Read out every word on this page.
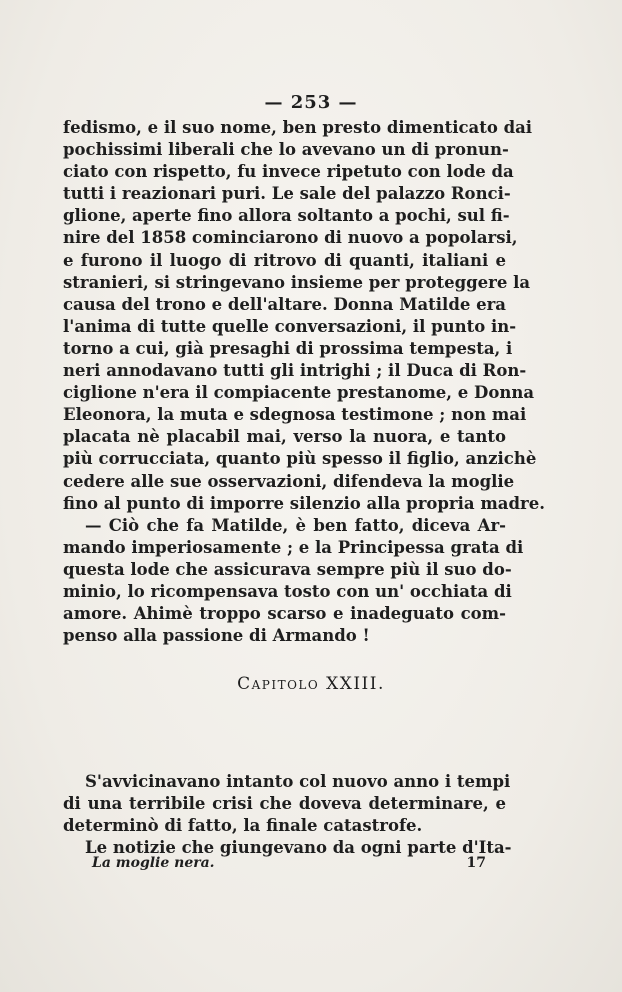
— 253 —
fedismo, e il suo nome, ben presto dimenticato dai
pochissimi liberali che lo avevano un di pronun-
ciato con rispetto, fu invece ripetuto con lode da
tutti i reazionari puri. Le sale del palazzo Ronci-
glione, aperte fino allora soltanto a pochi, sul fi-
nire del 1858 cominciarono di nuovo a popolarsi,
e furono il luogo di ritrovo di quanti, italiani e
stranieri, si stringevano insieme per proteggere la
causa del trono e dell'altare. Donna Matilde era
l'anima di tutte quelle conversazioni, il punto in-
torno a cui, già presaghi di prossima tempesta, i
neri annodavano tutti gli intrighi ; il Duca di Ron-
ciglione n'era il compiacente prestanome, e Donna
Eleonora, la muta e sdegnosa testimone ; non mai
placata nè placabil mai, verso la nuora, e tanto
più corrucciata, quanto più spesso il figlio, anzichè
cedere alle sue osservazioni, difendeva la moglie
fino al punto di imporre silenzio alla propria madre.
— Ciò che fa Matilde, è ben fatto, diceva Ar-
mando imperiosamente ; e la Principessa grata di
questa lode che assicurava sempre più il suo do-
minio, lo ricompensava tosto con un' occhiata di
amore. Ahimè troppo scarso e inadeguato com-
penso alla passione di Armando !
Capitolo XXIII.
S'avvicinavano intanto col nuovo anno i tempi
di una terribile crisi che doveva determinare, e
determinò di fatto, la finale catastrofe.
Le notizie che giungevano da ogni parte d'Ita-
La moglie nera.	17
